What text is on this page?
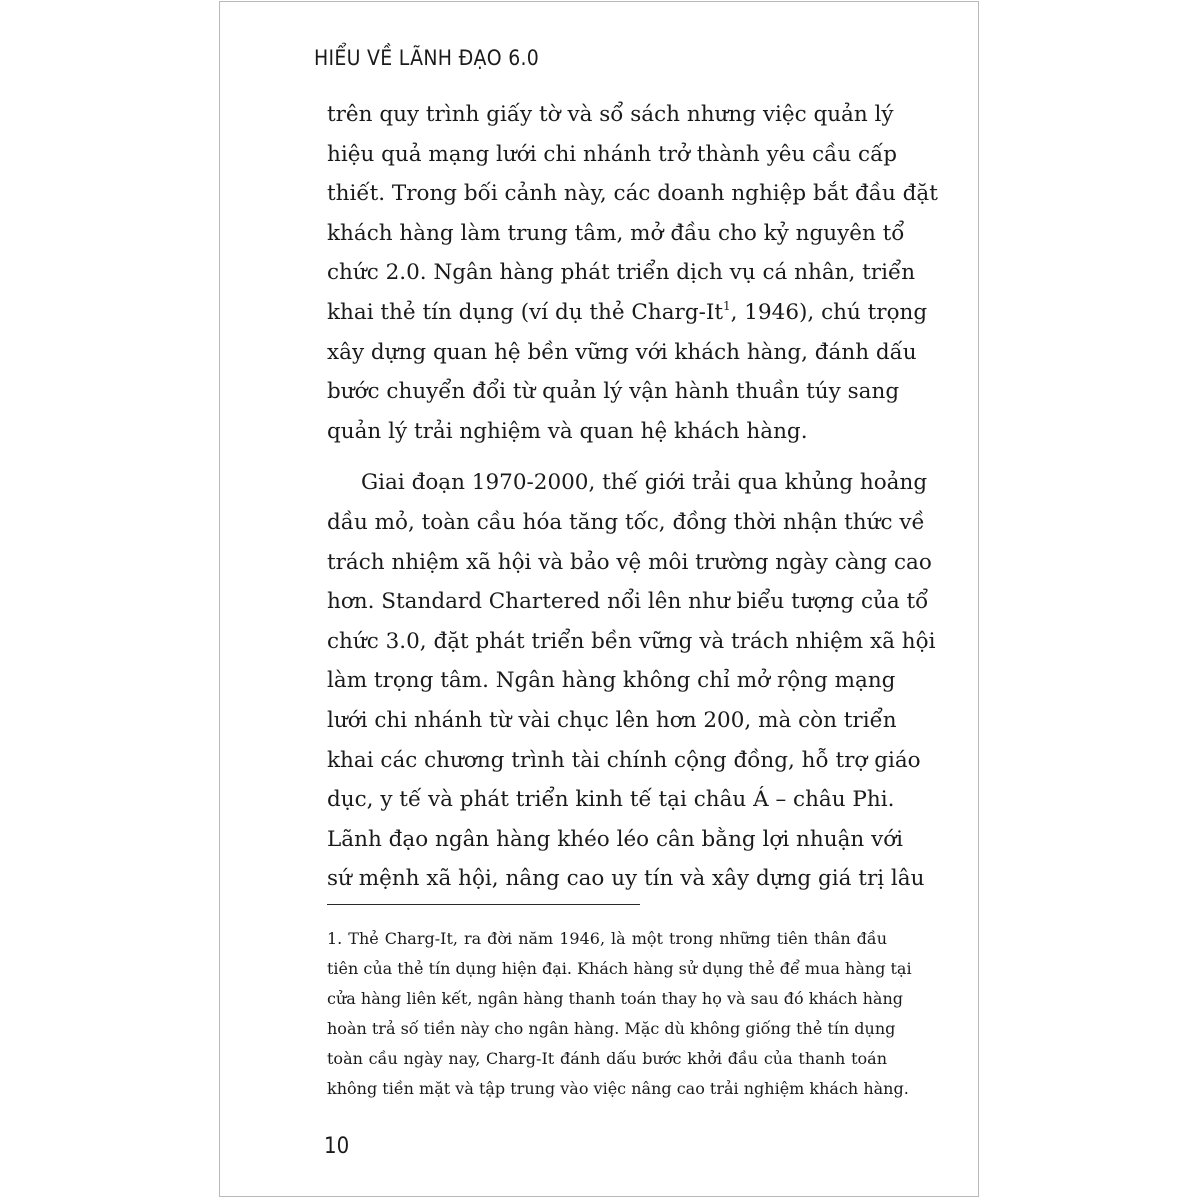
HIỂU VỀ LÃNH ĐẠO 6.0
trên quy trình giấy tờ và sổ sách nhưng việc quản lý
hiệu quả mạng lưới chi nhánh trở thành yêu cầu cấp
thiết. Trong bối cảnh này, các doanh nghiệp bắt đầu đặt
khách hàng làm trung tâm, mở đầu cho kỷ nguyên tổ
chức 2.0. Ngân hàng phát triển dịch vụ cá nhân, triển
khai thẻ tín dụng (ví dụ thẻ Charg-It$^1$, 1946), chú trọng
xây dựng quan hệ bền vững với khách hàng, đánh dấu
bước chuyển đổi từ quản lý vận hành thuần túy sang
quản lý trải nghiệm và quan hệ khách hàng.
Giai đoạn 1970-2000, thế giới trải qua khủng hoảng
dầu mỏ, toàn cầu hóa tăng tốc, đồng thời nhận thức về
trách nhiệm xã hội và bảo vệ môi trường ngày càng cao
hơn. Standard Chartered nổi lên như biểu tượng của tổ
chức 3.0, đặt phát triển bền vững và trách nhiệm xã hội
làm trọng tâm. Ngân hàng không chỉ mở rộng mạng
lưới chi nhánh từ vài chục lên hơn 200, mà còn triển
khai các chương trình tài chính cộng đồng, hỗ trợ giáo
dục, y tế và phát triển kinh tế tại châu Á – châu Phi.
Lãnh đạo ngân hàng khéo léo cân bằng lợi nhuận với
sứ mệnh xã hội, nâng cao uy tín và xây dựng giá trị lâu
1. Thẻ Charg-It, ra đời năm 1946, là một trong những tiên thân đầu
tiên của thẻ tín dụng hiện đại. Khách hàng sử dụng thẻ để mua hàng tại
cửa hàng liên kết, ngân hàng thanh toán thay họ và sau đó khách hàng
hoàn trả số tiền này cho ngân hàng. Mặc dù không giống thẻ tín dụng
toàn cầu ngày nay, Charg-It đánh dấu bước khởi đầu của thanh toán
không tiền mặt và tập trung vào việc nâng cao trải nghiệm khách hàng.
10
